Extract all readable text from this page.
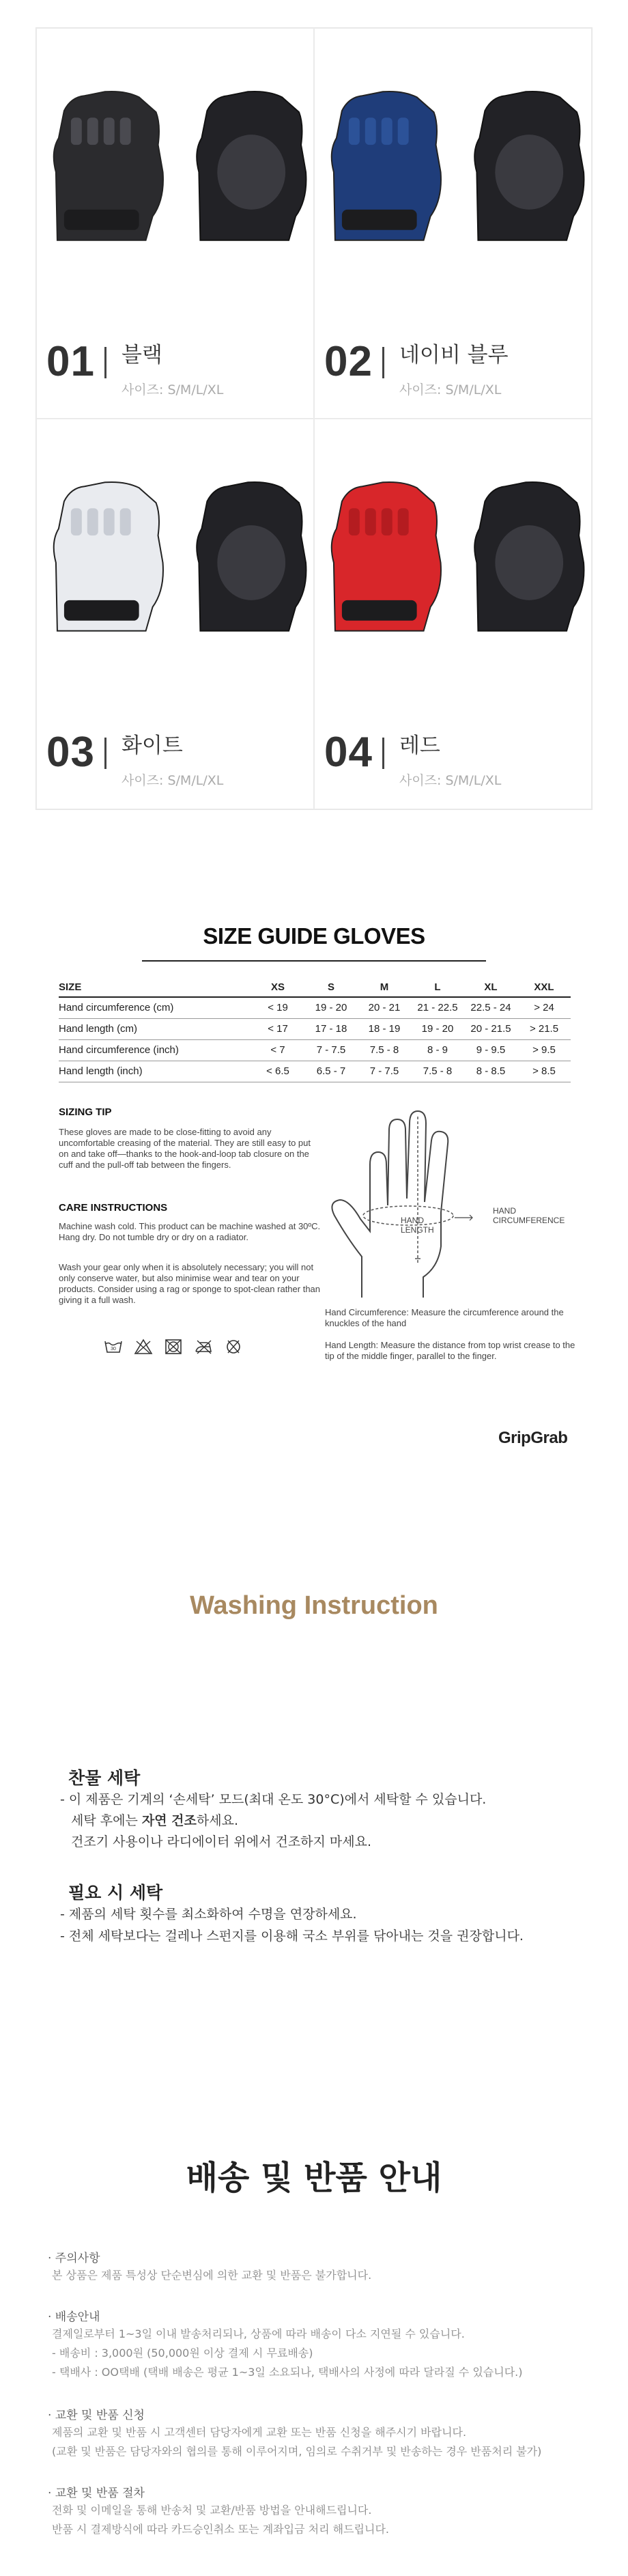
01 블랙
사이즈: S/M/L/XL
02 네이비 블루
사이즈: S/M/L/XL
03 화이트
사이즈: S/M/L/XL
04 레드
사이즈: S/M/L/XL
SIZE GUIDE GLOVES
SIZE	XS	S	M	L	XL	XXL
Hand circumference (cm)	< 19	19 - 20	20 - 21	21 - 22.5	22.5 - 24	> 24
Hand length (cm)	< 17	17 - 18	18 - 19	19 - 20	20 - 21.5	> 21.5
Hand circumference (inch)	< 7	7 - 7.5	7.5 - 8	8 - 9	9 - 9.5	> 9.5
Hand length (inch)	< 6.5	6.5 - 7	7 - 7.5	7.5 - 8	8 - 8.5	> 8.5
SIZING TIP
These gloves are made to be close-fitting to avoid any
uncomfortable creasing of the material. They are still easy to put
on and take off—thanks to the hook-and-loop tab closure on the
cuff and the pull-off tab between the fingers.
CARE INSTRUCTIONS
Machine wash cold. This product can be machine washed at 30ºC.
Hang dry. Do not tumble dry or dry on a radiator.
Wash your gear only when it is absolutely necessary; you will not
only conserve water, but also minimise wear and tear on your
products. Consider using a rag or sponge to spot-clean rather than
giving it a full wash.
30
HAND
LENGTH
HAND
CIRCUMFERENCE
Hand Circumference: Measure the circumference around the knuckles of the hand
Hand Length: Measure the distance from top wrist crease to the tip of the middle finger, parallel to the finger.
GripGrab
Washing Instruction
찬물 세탁
- 이 제품은 기계의 ‘손세탁’ 모드(최대 온도 30°C)에서 세탁할 수 있습니다.
세탁 후에는 자연 건조하세요.
건조기 사용이나 라디에이터 위에서 건조하지 마세요.
필요 시 세탁
- 제품의 세탁 횟수를 최소화하여 수명을 연장하세요.
- 전체 세탁보다는 걸레나 스펀지를 이용해 국소 부위를 닦아내는 것을 권장합니다.
배송 및 반품 안내
· 주의사항
본 상품은 제품 특성상 단순변심에 의한 교환 및 반품은 불가합니다.
· 배송안내
결제일로부터 1~3일 이내 발송처리되나, 상품에 따라 배송이 다소 지연될 수 있습니다.
- 배송비 : 3,000원 (50,000원 이상 결제 시 무료배송)
- 택배사 : OO택배 (택배 배송은 평균 1~3일 소요되나, 택배사의 사정에 따라 달라질 수 있습니다.)
· 교환 및 반품 신청
제품의 교환 및 반품 시 고객센터 담당자에게 교환 또는 반품 신청을 해주시기 바랍니다.
(교환 및 반품은 담당자와의 협의를 통해 이루어지며, 임의로 수취거부 및 반송하는 경우 반품처리 불가)
· 교환 및 반품 절차
전화 및 이메일을 통해 반송처 및 교환/반품 방법을 안내해드립니다.
반품 시 결제방식에 따라 카드승인취소 또는 계좌입금 처리 해드립니다.
